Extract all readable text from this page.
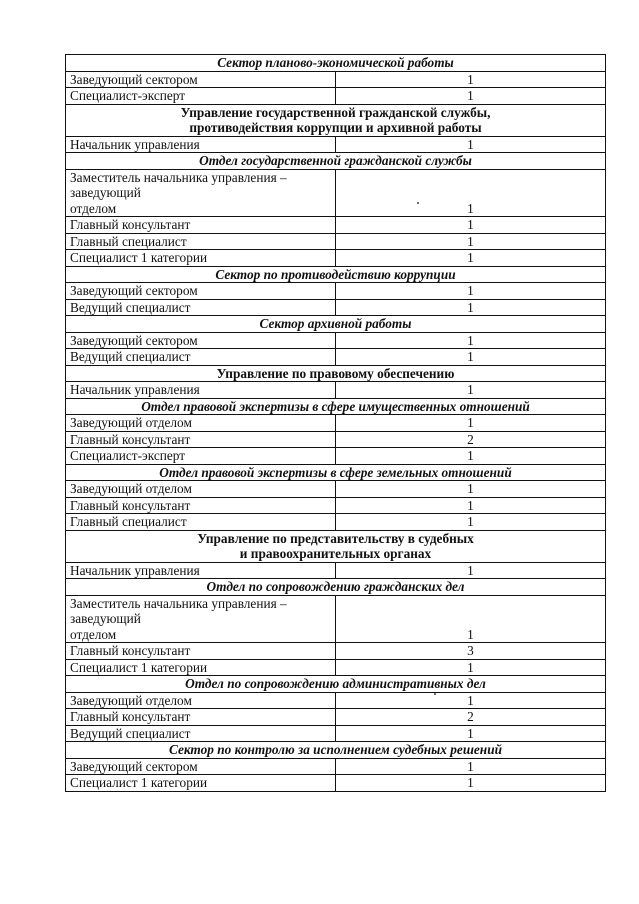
Сектор планово-экономической работы	
Заведующий сектором	1
Специалист-эксперт	1
Управление государственной гражданской службы,
противодействия коррупции и архивной работы	
Начальник управления	1
Отдел государственной гражданской службы	
Заместитель начальника управления – заведующий
отделом	1
Главный консультант	1
Главный специалист	1
Специалист 1 категории	1
Сектор по противодействию коррупции	
Заведующий сектором	1
Ведущий специалист	1
Сектор архивной работы	
Заведующий сектором	1
Ведущий специалист	1
Управление по правовому обеспечению	

Начальник управления	1
Отдел правовой экспертизы в сфере имущественных отношений	
Заведующий отделом	1
Главный консультант	2
Специалист-эксперт	1
Отдел правовой экспертизы в сфере земельных отношений	
Заведующий отделом	1
Главный консультант	1
Главный специалист	1
Управление по представительству в судебных
и правоохранительных органах	
Начальник управления	1
Отдел по сопровождению гражданских дел	
Заместитель начальника управления – заведующий
отделом	1
Главный консультант	3
Специалист 1 категории	1
Отдел по сопровождению административных дел	
Заведующий отделом	1
Главный консультант	2
Ведущий специалист	1
Сектор по контролю за исполнением судебных решений	
Заведующий сектором	1
Специалист 1 категории	1
